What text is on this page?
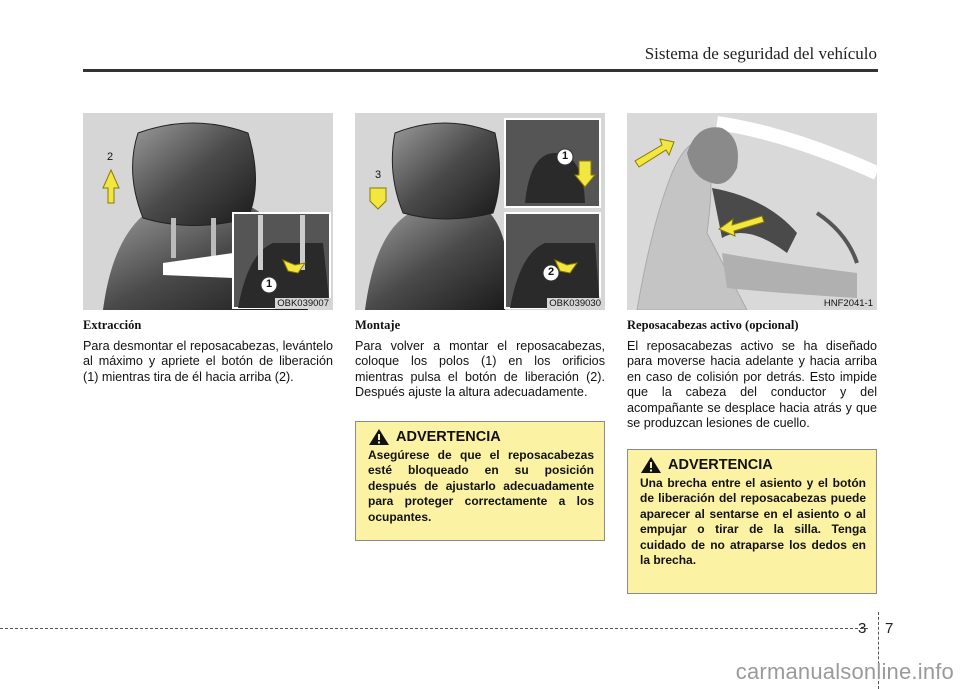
Sistema de seguridad del vehículo
2
1
OBK039007
3
1
2
OBK039030	HNF2041-1
Extracción

Para desmontar el reposacabezas, levántelo al máximo y apriete el botón de liberación (1) mientras tira de él hacia arriba (2).

Montaje

Para volver a montar el reposacabezas, coloque los polos (1) en los orificios mientras pulsa el botón de liberación (2). Después ajuste la altura adecuadamente.

Reposacabezas activo (opcional)

El reposacabezas activo se ha diseñado para moverse hacia adelante y hacia arriba en caso de colisión por detrás. Esto impide que la cabeza del conductor y del acompañante se desplace hacia atrás y que se produzcan lesiones de cuello.

ADVERTENCIA
Asegúrese de que el reposacabezas esté bloqueado en su posición después de ajustarlo adecuadamente para proteger correctamente a los ocupantes.
ADVERTENCIA
Una brecha entre el asiento y el botón de liberación del reposacabezas puede aparecer al sentarse en el asiento o al empujar o tirar de la silla. Tenga cuidado de no atraparse los dedos en la brecha.
3 7
carmanualsonline.info
